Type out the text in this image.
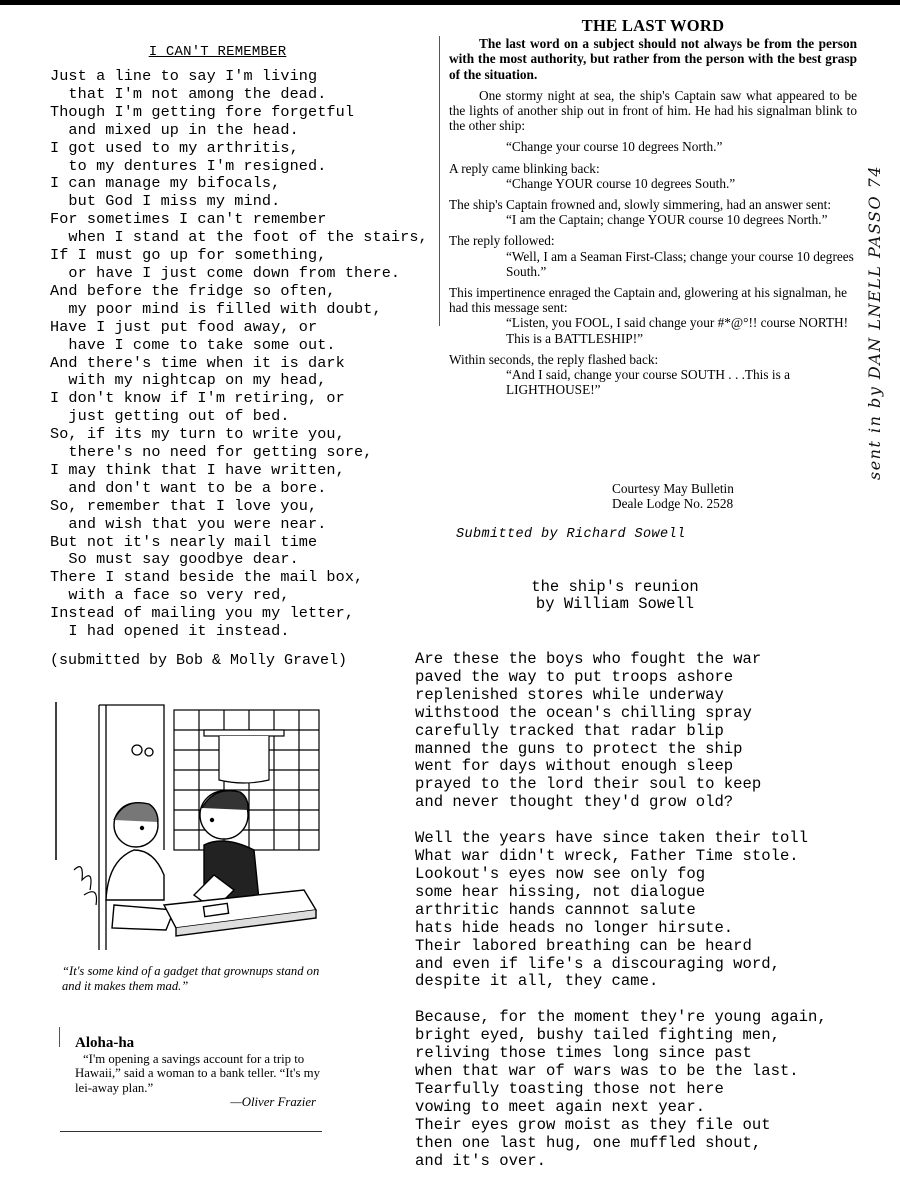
I CAN'T REMEMBER
Just a line to say I'm living
that I'm not among the dead.
Though I'm getting fore forgetful
and mixed up in the head.
I got used to my arthritis,
to my dentures I'm resigned.
I can manage my bifocals,
but God I miss my mind.
For sometimes I can't remember
when I stand at the foot of the stairs,
If I must go up for something,
or have I just come down from there.
And before the fridge so often,
my poor mind is filled with doubt,
Have I just put food away, or
have I come to take some out.
And there's time when it is dark
with my nightcap on my head,
I don't know if I'm retiring, or
just getting out of bed.
So, if its my turn to write you,
there's no need for getting sore,
I may think that I have written,
and don't want to be a bore.
So, remember that I love you,
and wish that you were near.
But not it's nearly mail time
So must say goodbye dear.
There I stand beside the mail box,
with a face so very red,
Instead of mailing you my letter,
I had opened it instead.
(submitted by Bob & Molly Gravel)
THE LAST WORD

The last word on a subject should not always be from the person with the most authority, but rather from the person with the best grasp of the situation.

One stormy night at sea, the ship's Captain saw what appeared to be the lights of another ship out in front of him. He had his signalman blink to the other ship:

“Change your course 10 degrees North.”

A reply came blinking back:

“Change YOUR course 10 degrees South.”

The ship's Captain frowned and, slowly simmering, had an answer sent:

“I am the Captain; change YOUR course 10 degrees North.”

The reply followed:

“Well, I am a Seaman First-Class; change your course 10 degrees South.”

This impertinence enraged the Captain and, glowering at his signalman, he had this message sent:

“Listen, you FOOL, I said change your #*@°!! course NORTH! This is a BATTLESHIP!”

Within seconds, the reply flashed back:

“And I said, change your course SOUTH . . .This is a LIGHTHOUSE!”

Courtesy May Bulletin
Deale Lodge No. 2528
Submitted by Richard Sowell
sent in by DAN LNELL PASSO 74
the ship's reunion
by William Sowell
Are these the boys who fought the war
paved the way to put troops ashore
replenished stores while underway
withstood the ocean's chilling spray
carefully tracked that radar blip
manned the guns to protect the ship
went for days without enough sleep
prayed to the lord their soul to keep
and never thought they'd grow old?
Well the years have since taken their toll
What war didn't wreck, Father Time stole.
Lookout's eyes now see only fog
some hear hissing, not dialogue
arthritic hands cannnot salute
hats hide heads no longer hirsute.
Their labored breathing can be heard
and even if life's a discouraging word,
despite it all, they came.
Because, for the moment they're young again,
bright eyed, bushy tailed fighting men,
reliving those times long since past
when that war of wars was to be the last.
Tearfully toasting those not here
vowing to meet again next year.
Their eyes grow moist as they file out
then one last hug, one muffled shout,
and it's over.
“It's some kind of a gadget that grownups stand on and it makes them mad.”
Aloha-ha

“I'm opening a savings account for a trip to Hawaii,” said a woman to a bank teller. “It's my lei-away plan.”

—Oliver Frazier
